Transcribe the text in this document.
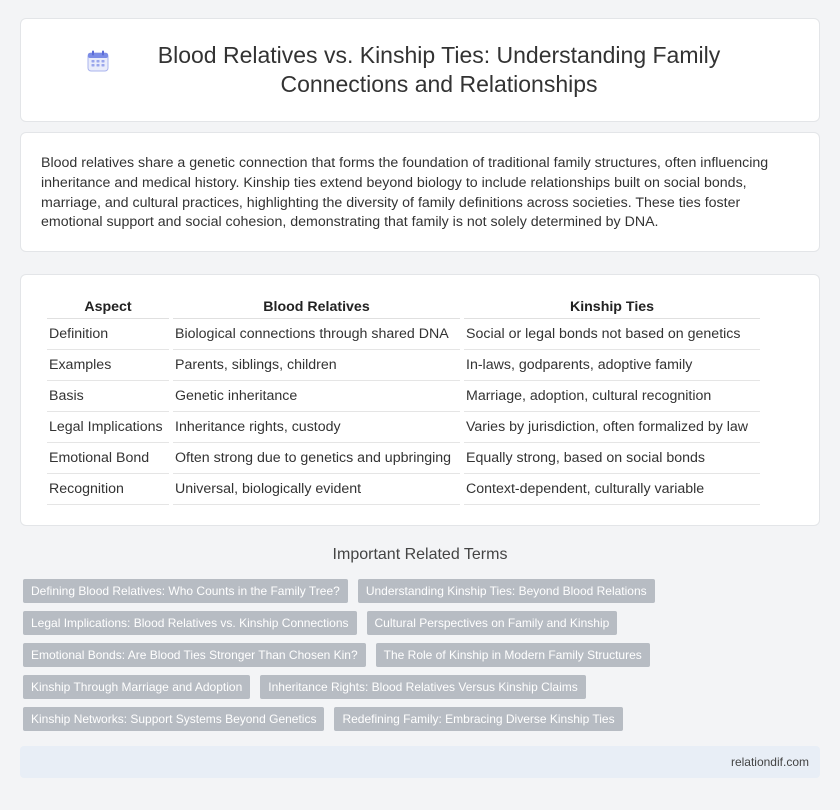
Blood Relatives vs. Kinship Ties: Understanding Family Connections and Relationships

Blood relatives share a genetic connection that forms the foundation of traditional family structures, often influencing inheritance and medical history. Kinship ties extend beyond biology to include relationships built on social bonds, marriage, and cultural practices, highlighting the diversity of family definitions across societies. These ties foster emotional support and social cohesion, demonstrating that family is not solely determined by DNA.

Aspect	Blood Relatives	Kinship Ties
Definition	Biological connections through shared DNA	Social or legal bonds not based on genetics
Examples	Parents, siblings, children	In-laws, godparents, adoptive family
Basis	Genetic inheritance	Marriage, adoption, cultural recognition
Legal Implications	Inheritance rights, custody	Varies by jurisdiction, often formalized by law
Emotional Bond	Often strong due to genetics and upbringing	Equally strong, based on social bonds
Recognition	Universal, biologically evident	Context-dependent, culturally variable
Important Related Terms
Defining Blood Relatives: Who Counts in the Family Tree?	Understanding Kinship Ties: Beyond Blood Relations
Legal Implications: Blood Relatives vs. Kinship Connections	Cultural Perspectives on Family and Kinship
Emotional Bonds: Are Blood Ties Stronger Than Chosen Kin?	The Role of Kinship in Modern Family Structures
Kinship Through Marriage and Adoption	Inheritance Rights: Blood Relatives Versus Kinship Claims
Kinship Networks: Support Systems Beyond Genetics	Redefining Family: Embracing Diverse Kinship Ties
relationdif.com
